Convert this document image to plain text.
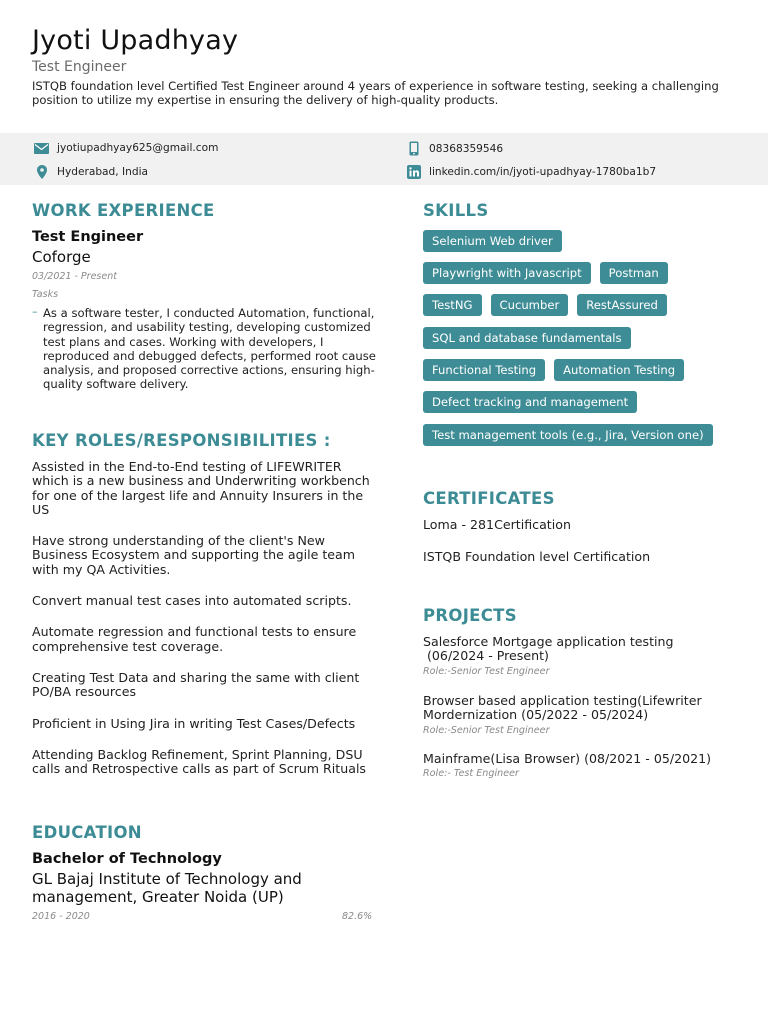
Jyoti Upadhyay
Test Engineer
ISTQB foundation level Certified Test Engineer around 4 years of experience in software testing, seeking a challenging position to utilize my expertise in ensuring the delivery of high-quality products.
jyotiupadhyay625@gmail.com	08368359546
Hyderabad, India	linkedin.com/in/jyoti-upadhyay-1780ba1b7
WORK EXPERIENCE
Test Engineer
Coforge
03/2021 - Present
Tasks
– As a software tester, I conducted Automation, functional, regression, and usability testing, developing customized test plans and cases. Working with developers, I reproduced and debugged defects, performed root cause analysis, and proposed corrective actions, ensuring high-quality software delivery.
KEY ROLES/RESPONSIBILITIES :

Assisted in the End-to-End testing of LIFEWRITER which is a new business and Underwriting workbench for one of the largest life and Annuity Insurers in the US

Have strong understanding of the client's New Business Ecosystem and supporting the agile team with my QA Activities.

Convert manual test cases into automated scripts.

Automate regression and functional tests to ensure comprehensive test coverage.

Creating Test Data and sharing the same with client PO/BA resources

Proficient in Using Jira in writing Test Cases/Defects

Attending Backlog Refinement, Sprint Planning, DSU calls and Retrospective calls as part of Scrum Rituals

EDUCATION
Bachelor of Technology
GL Bajaj Institute of Technology and management, Greater Noida (UP)
2016 - 2020	82.6%
SKILLS
Selenium Web driver
Playwright with Javascript	Postman
TestNG	Cucumber	RestAssured
SQL and database fundamentals
Functional Testing	Automation Testing
Defect tracking and management
Test management tools (e.g., Jira, Version one)
CERTIFICATES
Loma - 281Certification
ISTQB Foundation level Certification
PROJECTS
Salesforce Mortgage application testing
(06/2024 - Present)
Role:-Senior Test Engineer
Browser based application testing(Lifewriter
Mordernization (05/2022 - 05/2024)
Role:-Senior Test Engineer
Mainframe(Lisa Browser) (08/2021 - 05/2021)
Role:- Test Engineer
